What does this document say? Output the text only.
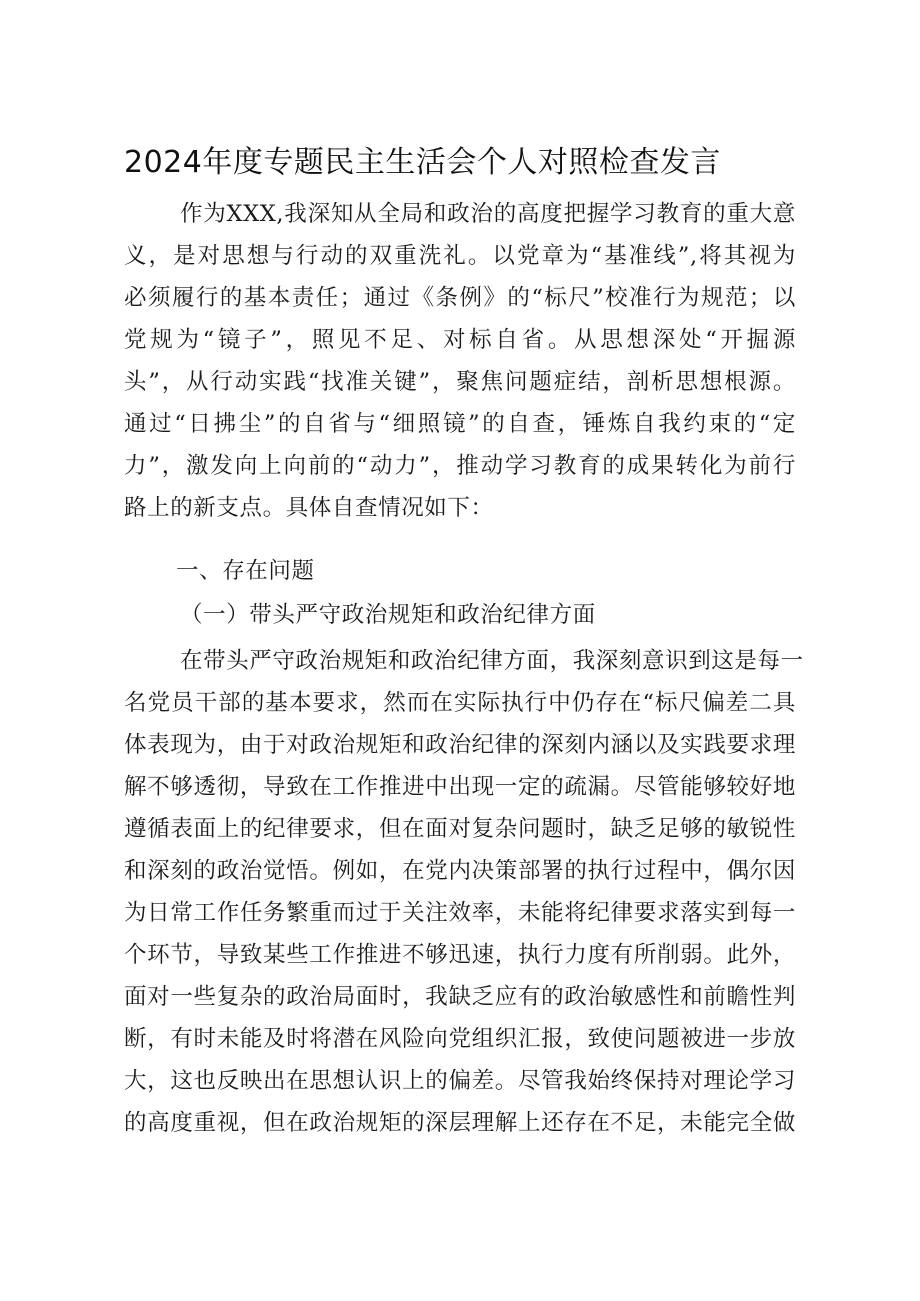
2024年度专题民主生活会个人对照检查发言
作为XXX,我深知从全局和政治的高度把握学习教育的重大意
义，是对思想与行动的双重洗礼。以党章为“基准线”,将其视为
必须履行的基本责任；通过《条例》的“标尺”校准行为规范；以
党规为“镜子”，照见不足、对标自省。从思想深处“开掘源
头”，从行动实践“找准关键”，聚焦问题症结，剖析思想根源。
通过“日拂尘”的自省与“细照镜”的自查，锤炼自我约束的“定
力”，激发向上向前的“动力”，推动学习教育的成果转化为前行
路上的新支点。具体自查情况如下：
一、存在问题
（一）带头严守政治规矩和政治纪律方面
在带头严守政治规矩和政治纪律方面，我深刻意识到这是每一
名党员干部的基本要求，然而在实际执行中仍存在“标尺偏差二具
体表现为，由于对政治规矩和政治纪律的深刻内涵以及实践要求理
解不够透彻，导致在工作推进中出现一定的疏漏。尽管能够较好地
遵循表面上的纪律要求，但在面对复杂问题时，缺乏足够的敏锐性
和深刻的政治觉悟。例如，在党内决策部署的执行过程中，偶尔因
为日常工作任务繁重而过于关注效率，未能将纪律要求落实到每一
个环节，导致某些工作推进不够迅速，执行力度有所削弱。此外，
面对一些复杂的政治局面时，我缺乏应有的政治敏感性和前瞻性判
断，有时未能及时将潜在风险向党组织汇报，致使问题被进一步放
大，这也反映出在思想认识上的偏差。尽管我始终保持对理论学习
的高度重视，但在政治规矩的深层理解上还存在不足，未能完全做
